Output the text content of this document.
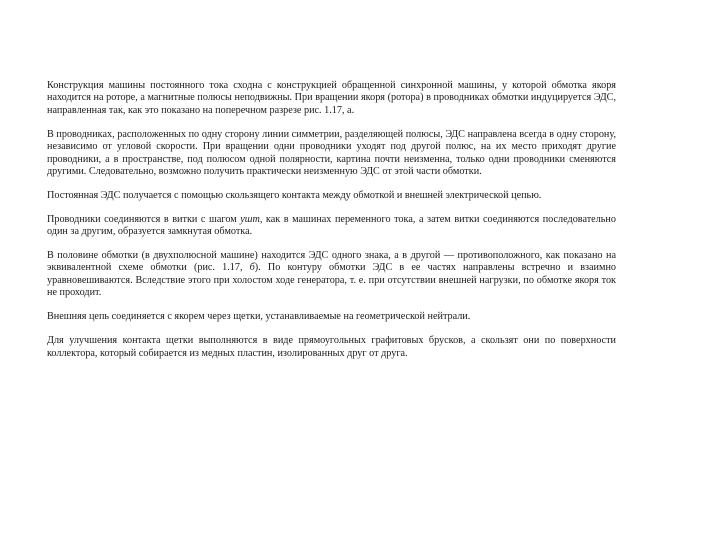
Конструкция машины постоянного тока сходна с конструкцией обращенной синхронной машины, у которой обмотка якоря находится на роторе, а магнитные полюсы неподвижны. При вращении якоря (ротора) в проводниках обмотки индуцируется ЭДС, направленная так, как это показано на поперечном разрезе рис. 1.17, а.

В проводниках, расположенных по одну сторону линии симметрии, разделяющей полюсы, ЭДС направлена всегда в одну сторону, независимо от угловой скорости. При вращении одни проводники уходят под другой полюс, на их место приходят другие проводники, а в пространстве, под полюсом одной полярности, картина почти неизменна, только одни проводники сменяются другими. Следовательно, возможно получить практически неизменную ЭДС от этой части обмотки.

Постоянная ЭДС получается с помощью скользящего контакта между обмоткой и внешней электрической цепью.

Проводники соединяются в витки с шагом yшт, как в машинах переменного тока, а затем витки соединяются последовательно один за другим, образуется замкнутая обмотка.

В половине обмотки (в двухполюсной машине) находится ЭДС одного знака, а в другой — противоположного, как показано на эквивалентной схеме обмотки (рис. 1.17, б). По контуру обмотки ЭДС в ее частях направлены встречно и взаимно уравновешиваются. Вследствие этого при холостом ходе генератора, т. е. при отсутствии внешней нагрузки, по обмотке якоря ток не проходит.

Внешняя цепь соединяется с якорем через щетки, устанавливаемые на геометрической нейтрали.

Для улучшения контакта щетки выполняются в виде прямоугольных графитовых брусков, а скользят они по поверхности коллектора, который собирается из медных пластин, изолированных друг от друга.
